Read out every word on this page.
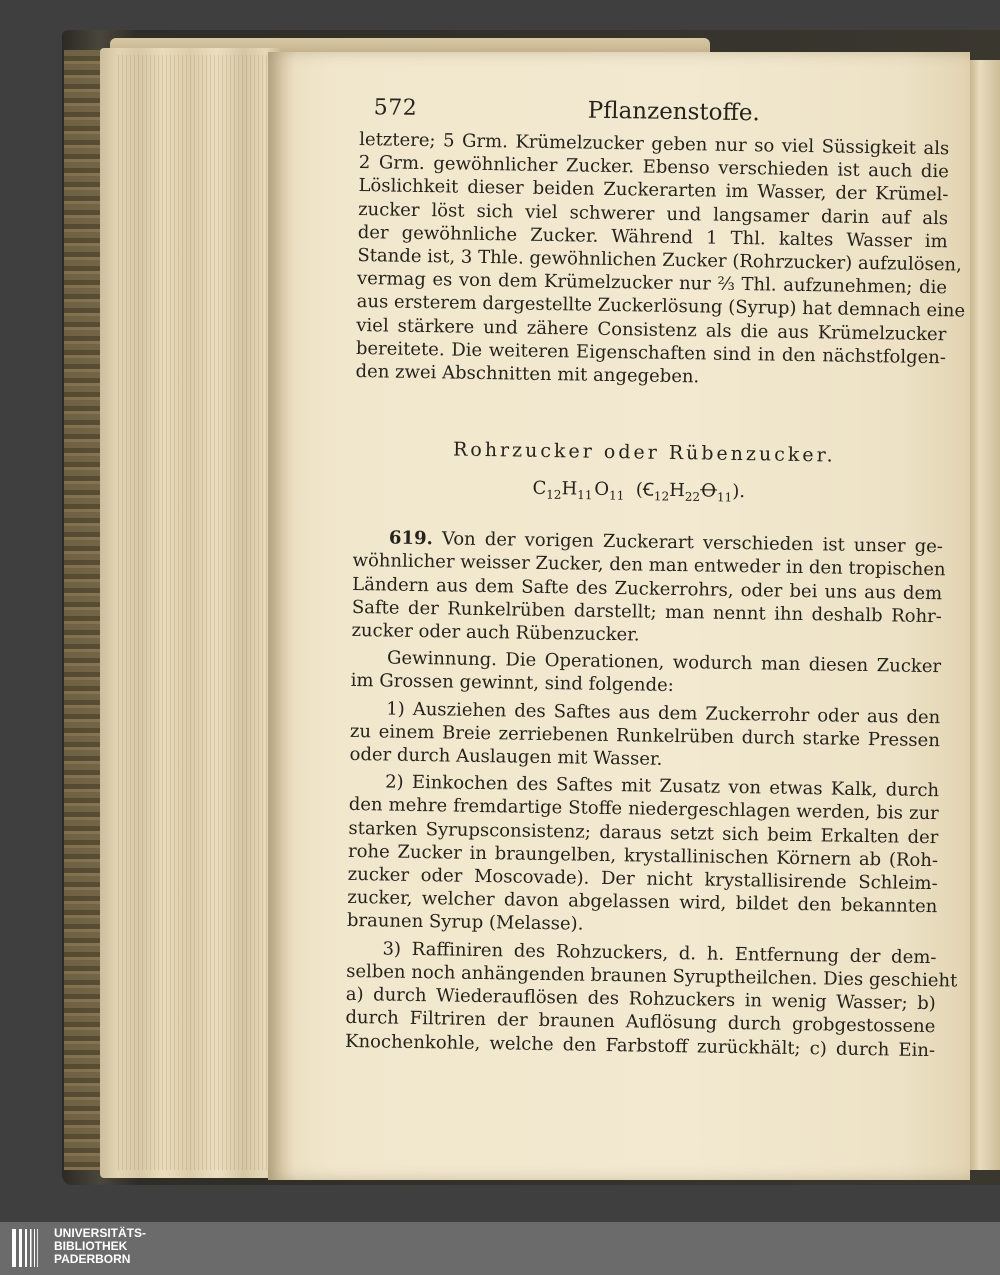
572	Pflanzenstoffe.
letztere; 5 Grm. Krümelzucker geben nur so viel Süssigkeit als
2 Grm. gewöhnlicher Zucker. Ebenso verschieden ist auch die
Löslichkeit dieser beiden Zuckerarten im Wasser, der Krümel-
zucker löst sich viel schwerer und langsamer darin auf als
der gewöhnliche Zucker. Während 1 Thl. kaltes Wasser im
Stande ist, 3 Thle. gewöhnlichen Zucker (Rohrzucker) aufzulösen,
vermag es von dem Krümelzucker nur ⅔ Thl. aufzunehmen; die
aus ersterem dargestellte Zuckerlösung (Syrup) hat demnach eine
viel stärkere und zähere Consistenz als die aus Krümelzucker
bereitete. Die weiteren Eigenschaften sind in den nächstfolgen-
den zwei Abschnitten mit angegeben.
Rohrzucker oder Rübenzucker.
$C_{12}H_{11}$ $O_{11}$ $(Ꞓ_{12}H_{22}Ꝋ_{11})$.
619. Von der vorigen Zuckerart verschieden ist unser ge-
wöhnlicher weisser Zucker, den man entweder in den tropischen
Ländern aus dem Safte des Zuckerrohrs, oder bei uns aus dem
Safte der Runkelrüben darstellt; man nennt ihn deshalb Rohr-
zucker oder auch Rübenzucker.
Gewinnung. Die Operationen, wodurch man diesen Zucker
im Grossen gewinnt, sind folgende:
1) Ausziehen des Saftes aus dem Zuckerrohr oder aus den
zu einem Breie zerriebenen Runkelrüben durch starke Pressen
oder durch Auslaugen mit Wasser.
2) Einkochen des Saftes mit Zusatz von etwas Kalk, durch
den mehre fremdartige Stoffe niedergeschlagen werden, bis zur
starken Syrupsconsistenz; daraus setzt sich beim Erkalten der
rohe Zucker in braungelben, krystallinischen Körnern ab (Roh-
zucker oder Moscovade). Der nicht krystallisirende Schleim-
zucker, welcher davon abgelassen wird, bildet den bekannten
braunen Syrup (Melasse).
3) Raffiniren des Rohzuckers, d. h. Entfernung der dem-
selben noch anhängenden braunen Syruptheilchen. Dies geschieht
a) durch Wiederauflösen des Rohzuckers in wenig Wasser; b)
durch Filtriren der braunen Auflösung durch grobgestossene
Knochenkohle, welche den Farbstoff zurückhält; c) durch Ein-
UNIVERSITÄTS-
BIBLIOTHEK
PADERBORN
